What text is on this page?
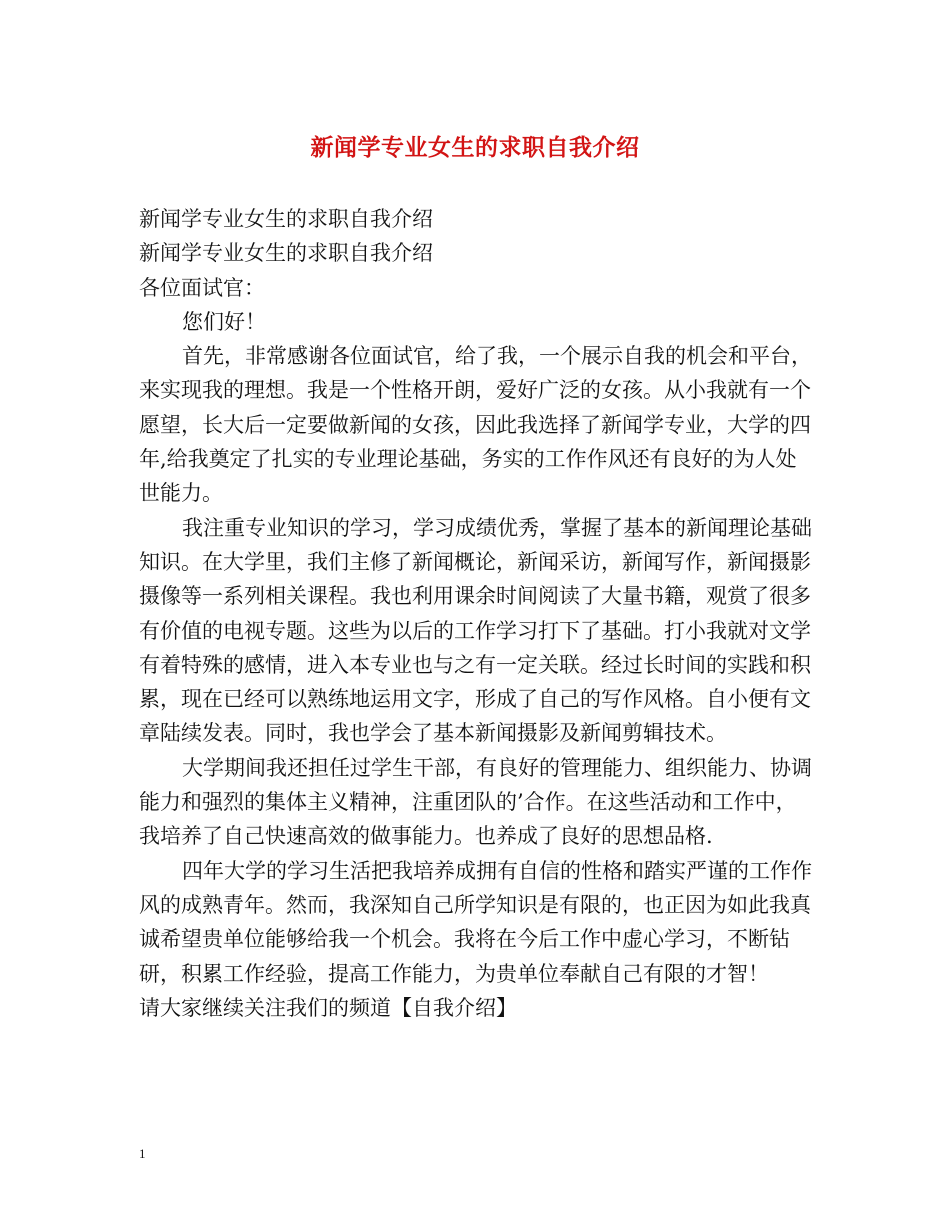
新闻学专业女生的求职自我介绍

新闻学专业女生的求职自我介绍

新闻学专业女生的求职自我介绍

各位面试官：

您们好！

首先，非常感谢各位面试官，给了我，一个展示自我的机会和平台，来实现我的理想。我是一个性格开朗，爱好广泛的女孩。从小我就有一个愿望，长大后一定要做新闻的女孩，因此我选择了新闻学专业，大学的四年,给我奠定了扎实的专业理论基础，务实的工作作风还有良好的为人处世能力。

我注重专业知识的学习，学习成绩优秀，掌握了基本的新闻理论基础知识。在大学里，我们主修了新闻概论，新闻采访，新闻写作，新闻摄影摄像等一系列相关课程。我也利用课余时间阅读了大量书籍，观赏了很多有价值的电视专题。这些为以后的工作学习打下了基础。打小我就对文学有着特殊的感情，进入本专业也与之有一定关联。经过长时间的实践和积累，现在已经可以熟练地运用文字，形成了自己的写作风格。自小便有文章陆续发表。同时，我也学会了基本新闻摄影及新闻剪辑技术。

大学期间我还担任过学生干部，有良好的管理能力、组织能力、协调能力和强烈的集体主义精神，注重团队的’合作。在这些活动和工作中，我培养了自己快速高效的做事能力。也养成了良好的思想品格.

四年大学的学习生活把我培养成拥有自信的性格和踏实严谨的工作作风的成熟青年。然而，我深知自己所学知识是有限的，也正因为如此我真诚希望贵单位能够给我一个机会。我将在今后工作中虚心学习，不断钻研，积累工作经验，提高工作能力，为贵单位奉献自己有限的才智！

请大家继续关注我们的频道【自我介绍】

1
